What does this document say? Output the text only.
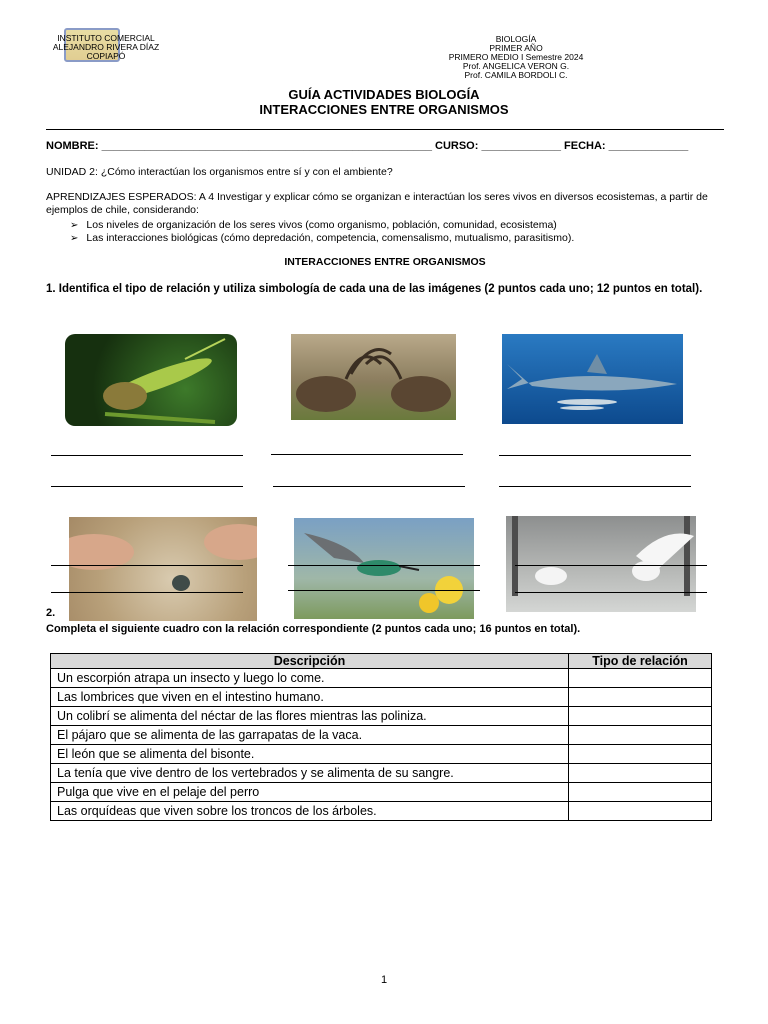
INSTITUTO COMERCIAL
ALEJANDRO RIVERA DÍAZ
COPIAPÓ
BIOLOGÍA
PRIMER AÑO
PRIMERO MEDIO I Semestre 2024
Prof. ANGELICA VERON G.
Prof. CAMILA BORDOLI C.
GUÍA ACTIVIDADES BIOLOGÍA
INTERACCIONES ENTRE ORGANISMOS
NOMBRE: ______________________________________________________ CURSO: _____________ FECHA: _____________
UNIDAD 2: ¿Cómo interactúan los organismos entre sí y con el ambiente?
APRENDIZAJES ESPERADOS: A 4 Investigar y explicar cómo se organizan e interactúan los seres vivos en diversos ecosistemas, a partir de ejemplos de chile, considerando:
➢ Los niveles de organización de los seres vivos (como organismo, población, comunidad, ecosistema)
➢ Las interacciones biológicas (cómo depredación, competencia, comensalismo, mutualismo, parasitismo).
INTERACCIONES ENTRE ORGANISMOS
1. Identifica el tipo de relación y utiliza simbología de cada una de las imágenes (2 puntos cada uno; 12 puntos en total).
2.
Completa el siguiente cuadro con la relación correspondiente (2 puntos cada uno; 16 puntos en total).
Descripción	Tipo de relación
Un escorpión atrapa un insecto y luego lo come.	
Las lombrices que viven en el intestino humano.	
Un colibrí se alimenta del néctar de las flores mientras las poliniza.	
El pájaro que se alimenta de las garrapatas de la vaca.	
El león que se alimenta del bisonte.	
La tenía que vive dentro de los vertebrados y se alimenta de su sangre.	
Pulga que vive en el pelaje del perro	
Las orquídeas que viven sobre los troncos de los árboles.	
1
